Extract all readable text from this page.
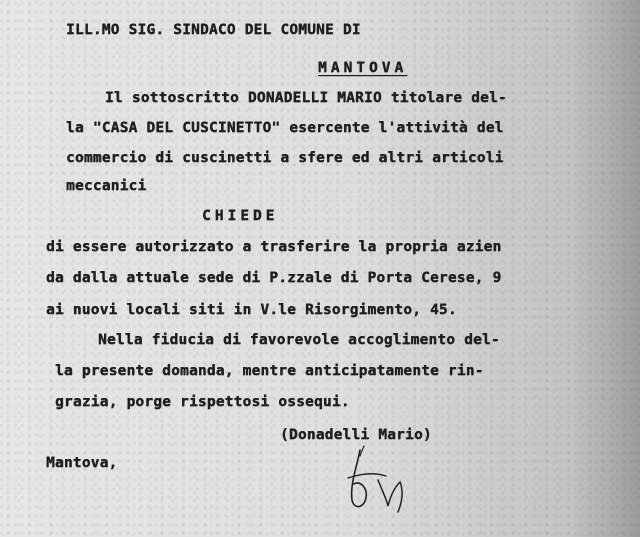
ILL.MO SIG. SINDACO DEL COMUNE DI
MANTOVA
Il sottoscritto DONADELLI MARIO titolare del-
la "CASA DEL CUSCINETTO" esercente l'attività del
commercio di cuscinetti a sfere ed altri articoli
meccanici
CHIEDE
di essere autorizzato a trasferire la propria azien
da dalla attuale sede di P.zzale di Porta Cerese, 9
ai nuovi locali siti in V.le Risorgimento, 45.
Nella fiducia di favorevole accoglimento del-
la presente domanda, mentre anticipatamente rin-
grazia, porge rispettosi ossequi.
(Donadelli Mario)
Mantova,
